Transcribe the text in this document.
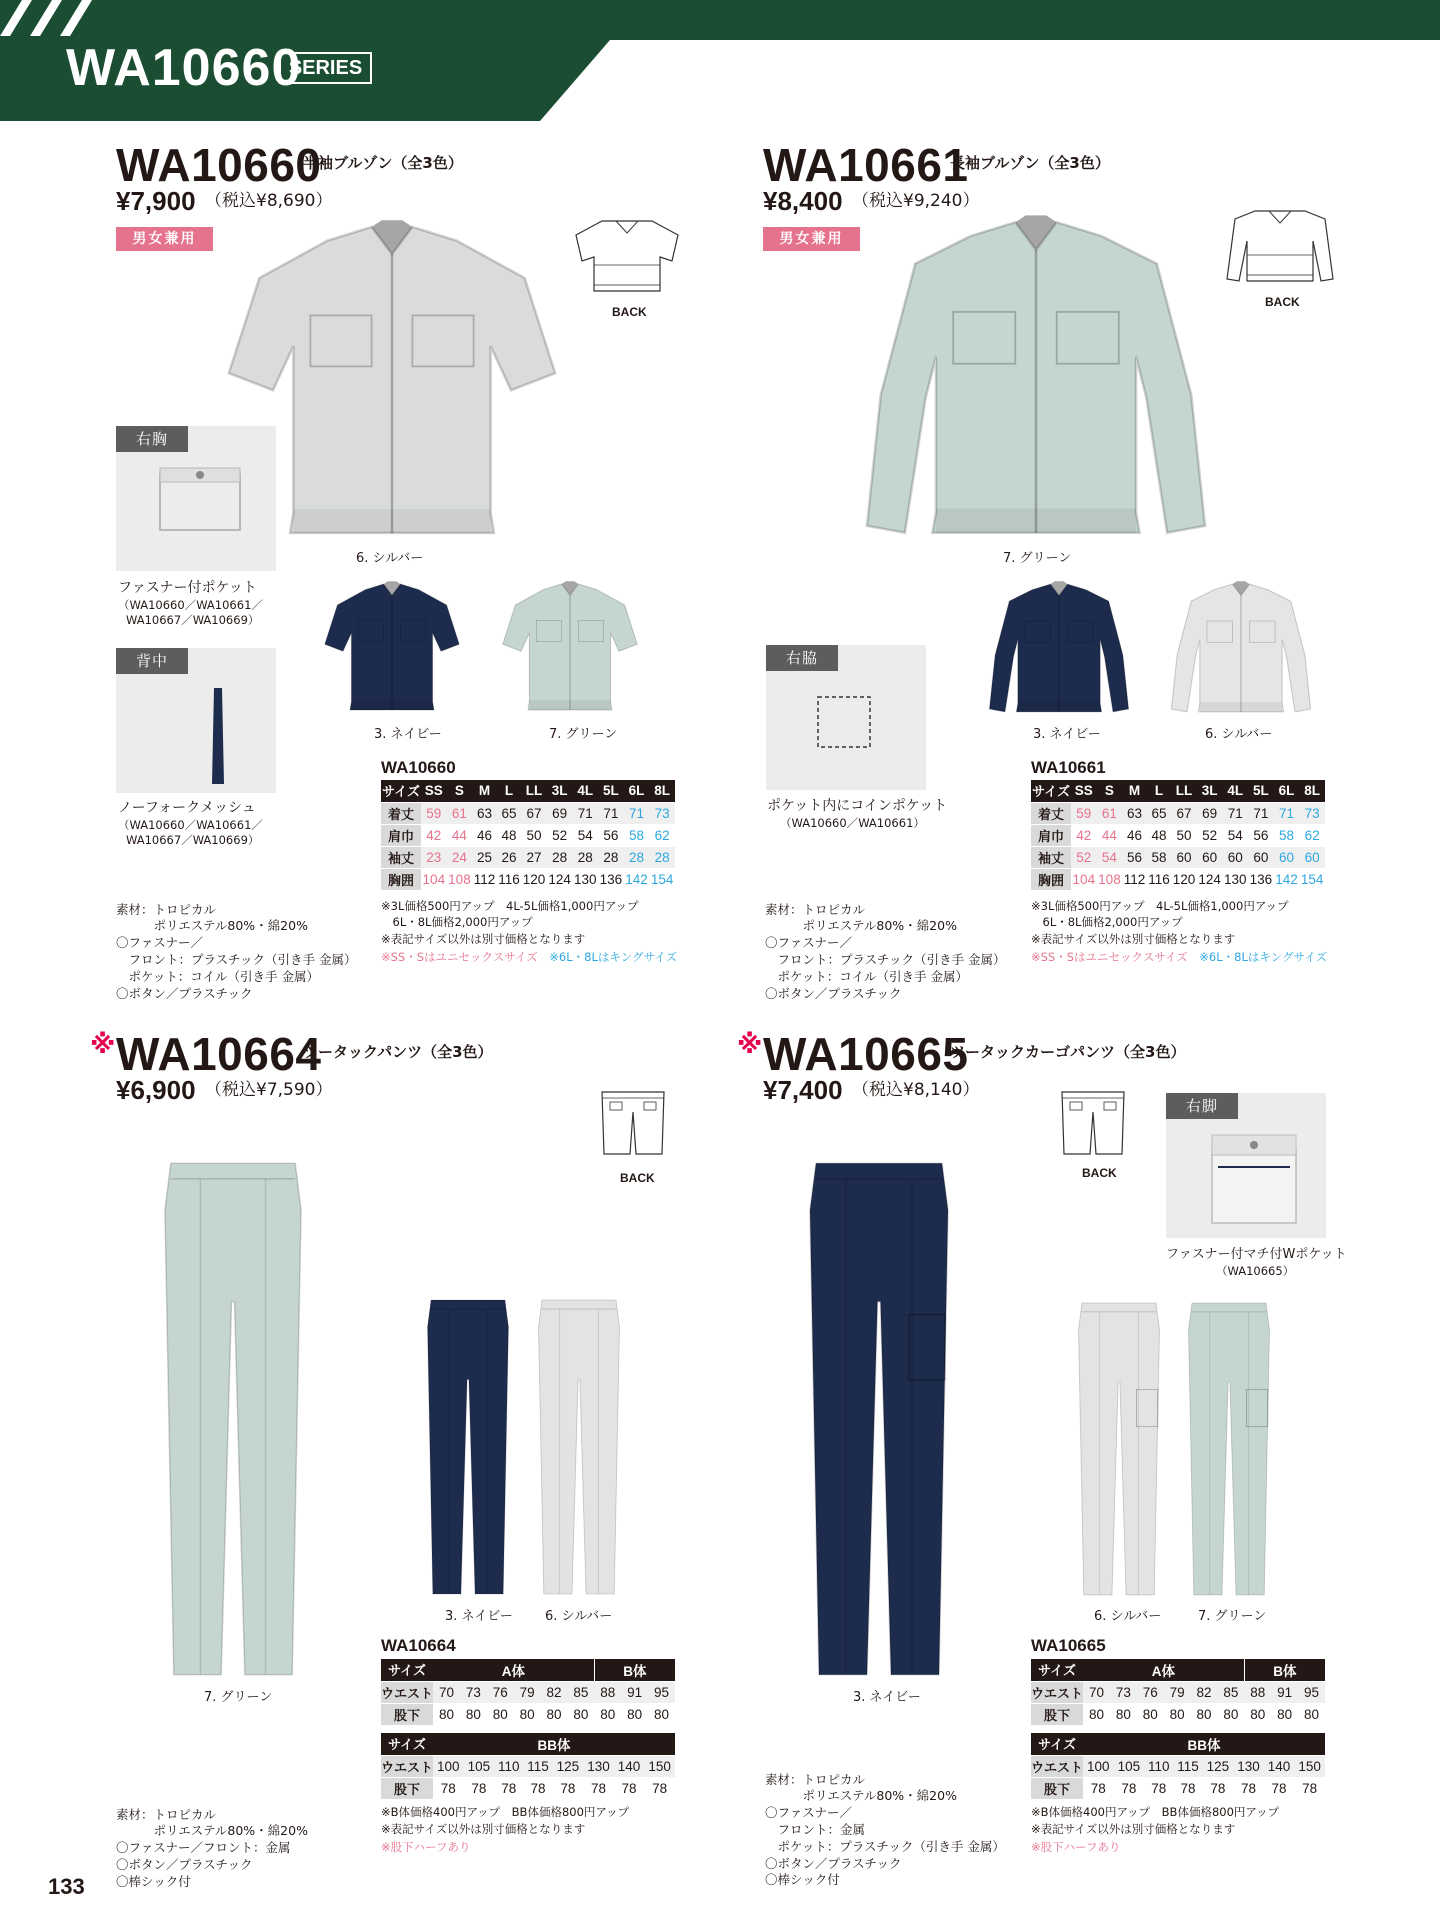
WA10660
SERIES
WA10660
半袖ブルゾン（全3色）
¥7,900 （税込¥8,690）
男女兼用
6. シルバー
BACK
3. ネイビー	7. グリーン
右胸
ファスナー付ポケット
（WA10660／WA10661／
WA10667／WA10669）
背中
ノーフォークメッシュ
（WA10660／WA10661／
WA10667／WA10669）

素材：トロピカル
　　　ポリエステル80%・綿20%
〇ファスナー／
　フロント：プラスチック（引き手 金属）
　ポケット：コイル（引き手 金属）
〇ボタン／プラスチック

WA10660
サイズ	SS	S	M	L	LL	3L	4L	5L	6L	8L
着丈	59	61	63	65	67	69	71	71	71	73
肩巾	42	44	46	48	50	52	54	56	58	62
袖丈	23	24	25	26	27	28	28	28	28	28
胸囲	104	108	112	116	120	124	130	136	142	154
※3L価格500円アップ　4L-5L価格1,000円アップ
　6L・8L価格2,000円アップ
※表記サイズ以外は別寸価格となります
※SS・Sはユニセックスサイズ　 ※6L・8Lはキングサイズ
WA10661
長袖ブルゾン（全3色）
¥8,400 （税込¥9,240）
男女兼用
7. グリーン
BACK
3. ネイビー	6. シルバー
右脇
ポケット内にコインポケット
（WA10660／WA10661）

素材：トロピカル
　　　ポリエステル80%・綿20%
〇ファスナー／
　フロント：プラスチック（引き手 金属）
　ポケット：コイル（引き手 金属）
〇ボタン／プラスチック

WA10661
サイズ	SS	S	M	L	LL	3L	4L	5L	6L	8L
着丈	59	61	63	65	67	69	71	71	71	73
肩巾	42	44	46	48	50	52	54	56	58	62
袖丈	52	54	56	58	60	60	60	60	60	60
胸囲	104	108	112	116	120	124	130	136	142	154
※3L価格500円アップ　4L-5L価格1,000円アップ
　6L・8L価格2,000円アップ
※表記サイズ以外は別寸価格となります
※SS・Sはユニセックスサイズ　 ※6L・8Lはキングサイズ
※ WA10664
ツータックパンツ（全3色）
¥6,900 （税込¥7,590）
7. グリーン
BACK
3. ネイビー 6. シルバー

素材：トロピカル
　　　ポリエステル80%・綿20%
〇ファスナー／フロント：金属
〇ボタン／プラスチック
〇棒シック付

WA10664
サイズ	A体						B体		
ウエスト	70	73	76	79	82	85	88	91	95
股下	80	80	80	80	80	80	80	80	80
サイズ	BB体							
ウエスト	100	105	110	115	125	130	140	150
股下	78	78	78	78	78	78	78	78
※B体価格400円アップ　BB体価格800円アップ
※表記サイズ以外は別寸価格となります
※股下ハーフあり
※ WA10665
ツータックカーゴパンツ（全3色）
¥7,400 （税込¥8,140）
3. ネイビー
BACK
右脚
ファスナー付マチ付Wポケット
（WA10665）
6. シルバー	7. グリーン

素材：トロピカル
　　　ポリエステル80%・綿20%
〇ファスナー／
　フロント：金属
　ポケット：プラスチック（引き手 金属）
〇ボタン／プラスチック
〇棒シック付

WA10665
サイズ	A体						B体		
ウエスト	70	73	76	79	82	85	88	91	95
股下	80	80	80	80	80	80	80	80	80
サイズ	BB体							
ウエスト	100	105	110	115	125	130	140	150
股下	78	78	78	78	78	78	78	78
※B体価格400円アップ　BB体価格800円アップ
※表記サイズ以外は別寸価格となります
※股下ハーフあり
133
